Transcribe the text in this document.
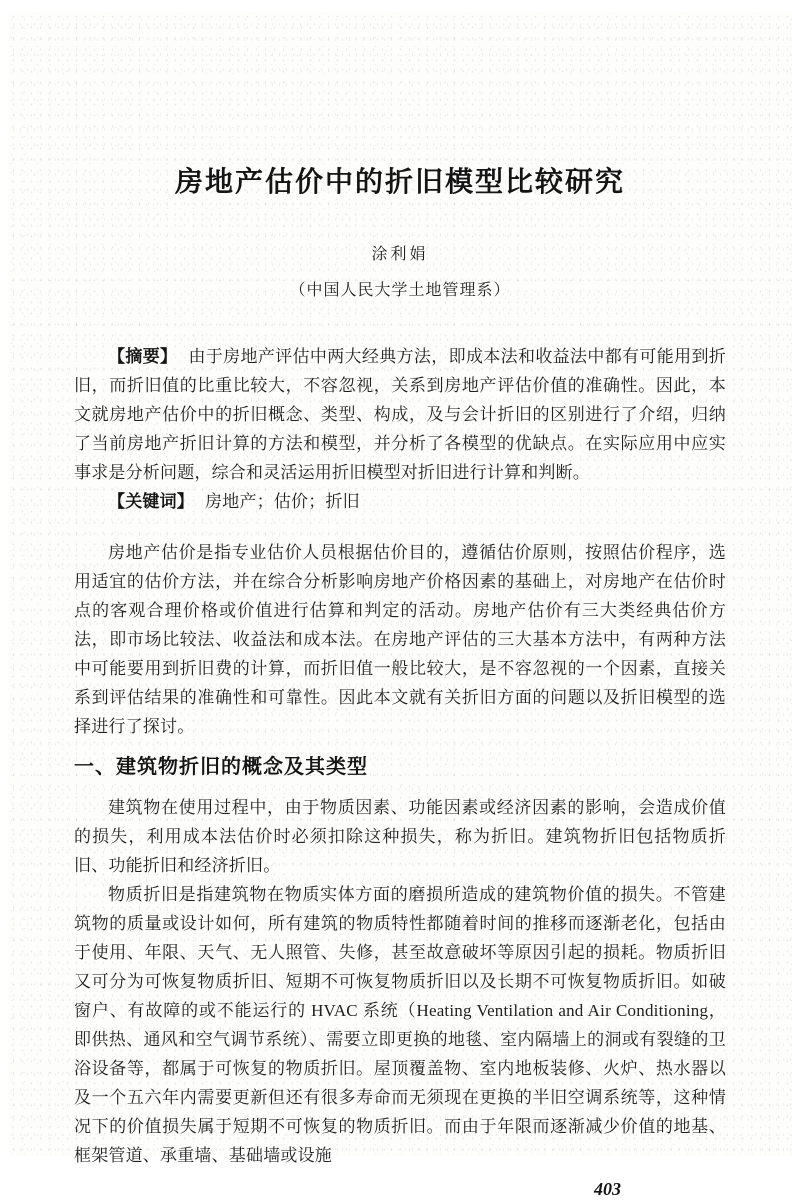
房地产估价中的折旧模型比较研究
涂利娟
（中国人民大学土地管理系）

【摘要】 由于房地产评估中两大经典方法，即成本法和收益法中都有可能用到折旧，而折旧值的比重比较大，不容忽视，关系到房地产评估价值的准确性。因此，本文就房地产估价中的折旧概念、类型、构成，及与会计折旧的区别进行了介绍，归纳了当前房地产折旧计算的方法和模型，并分析了各模型的优缺点。在实际应用中应实事求是分析问题，综合和灵活运用折旧模型对折旧进行计算和判断。

【关键词】 房地产；估价；折旧

房地产估价是指专业估价人员根据估价目的，遵循估价原则，按照估价程序，选用适宜的估价方法，并在综合分析影响房地产价格因素的基础上，对房地产在估价时点的客观合理价格或价值进行估算和判定的活动。房地产估价有三大类经典估价方法，即市场比较法、收益法和成本法。在房地产评估的三大基本方法中，有两种方法中可能要用到折旧费的计算，而折旧值一般比较大，是不容忽视的一个因素，直接关系到评估结果的准确性和可靠性。因此本文就有关折旧方面的问题以及折旧模型的选择进行了探讨。

一、建筑物折旧的概念及其类型

建筑物在使用过程中，由于物质因素、功能因素或经济因素的影响，会造成价值的损失，利用成本法估价时必须扣除这种损失，称为折旧。建筑物折旧包括物质折旧、功能折旧和经济折旧。

物质折旧是指建筑物在物质实体方面的磨损所造成的建筑物价值的损失。不管建筑物的质量或设计如何，所有建筑的物质特性都随着时间的推移而逐渐老化，包括由于使用、年限、天气、无人照管、失修，甚至故意破坏等原因引起的损耗。物质折旧又可分为可恢复物质折旧、短期不可恢复物质折旧以及长期不可恢复物质折旧。如破窗户、有故障的或不能运行的 HVAC 系统（Heating Ventilation and Air Conditioning，即供热、通风和空气调节系统）、需要立即更换的地毯、室内隔墙上的洞或有裂缝的卫浴设备等，都属于可恢复的物质折旧。屋顶覆盖物、室内地板装修、火炉、热水器以及一个五六年内需要更新但还有很多寿命而无须现在更换的半旧空调系统等，这种情况下的价值损失属于短期不可恢复的物质折旧。而由于年限而逐渐减少价值的地基、框架管道、承重墙、基础墙或设施

403
